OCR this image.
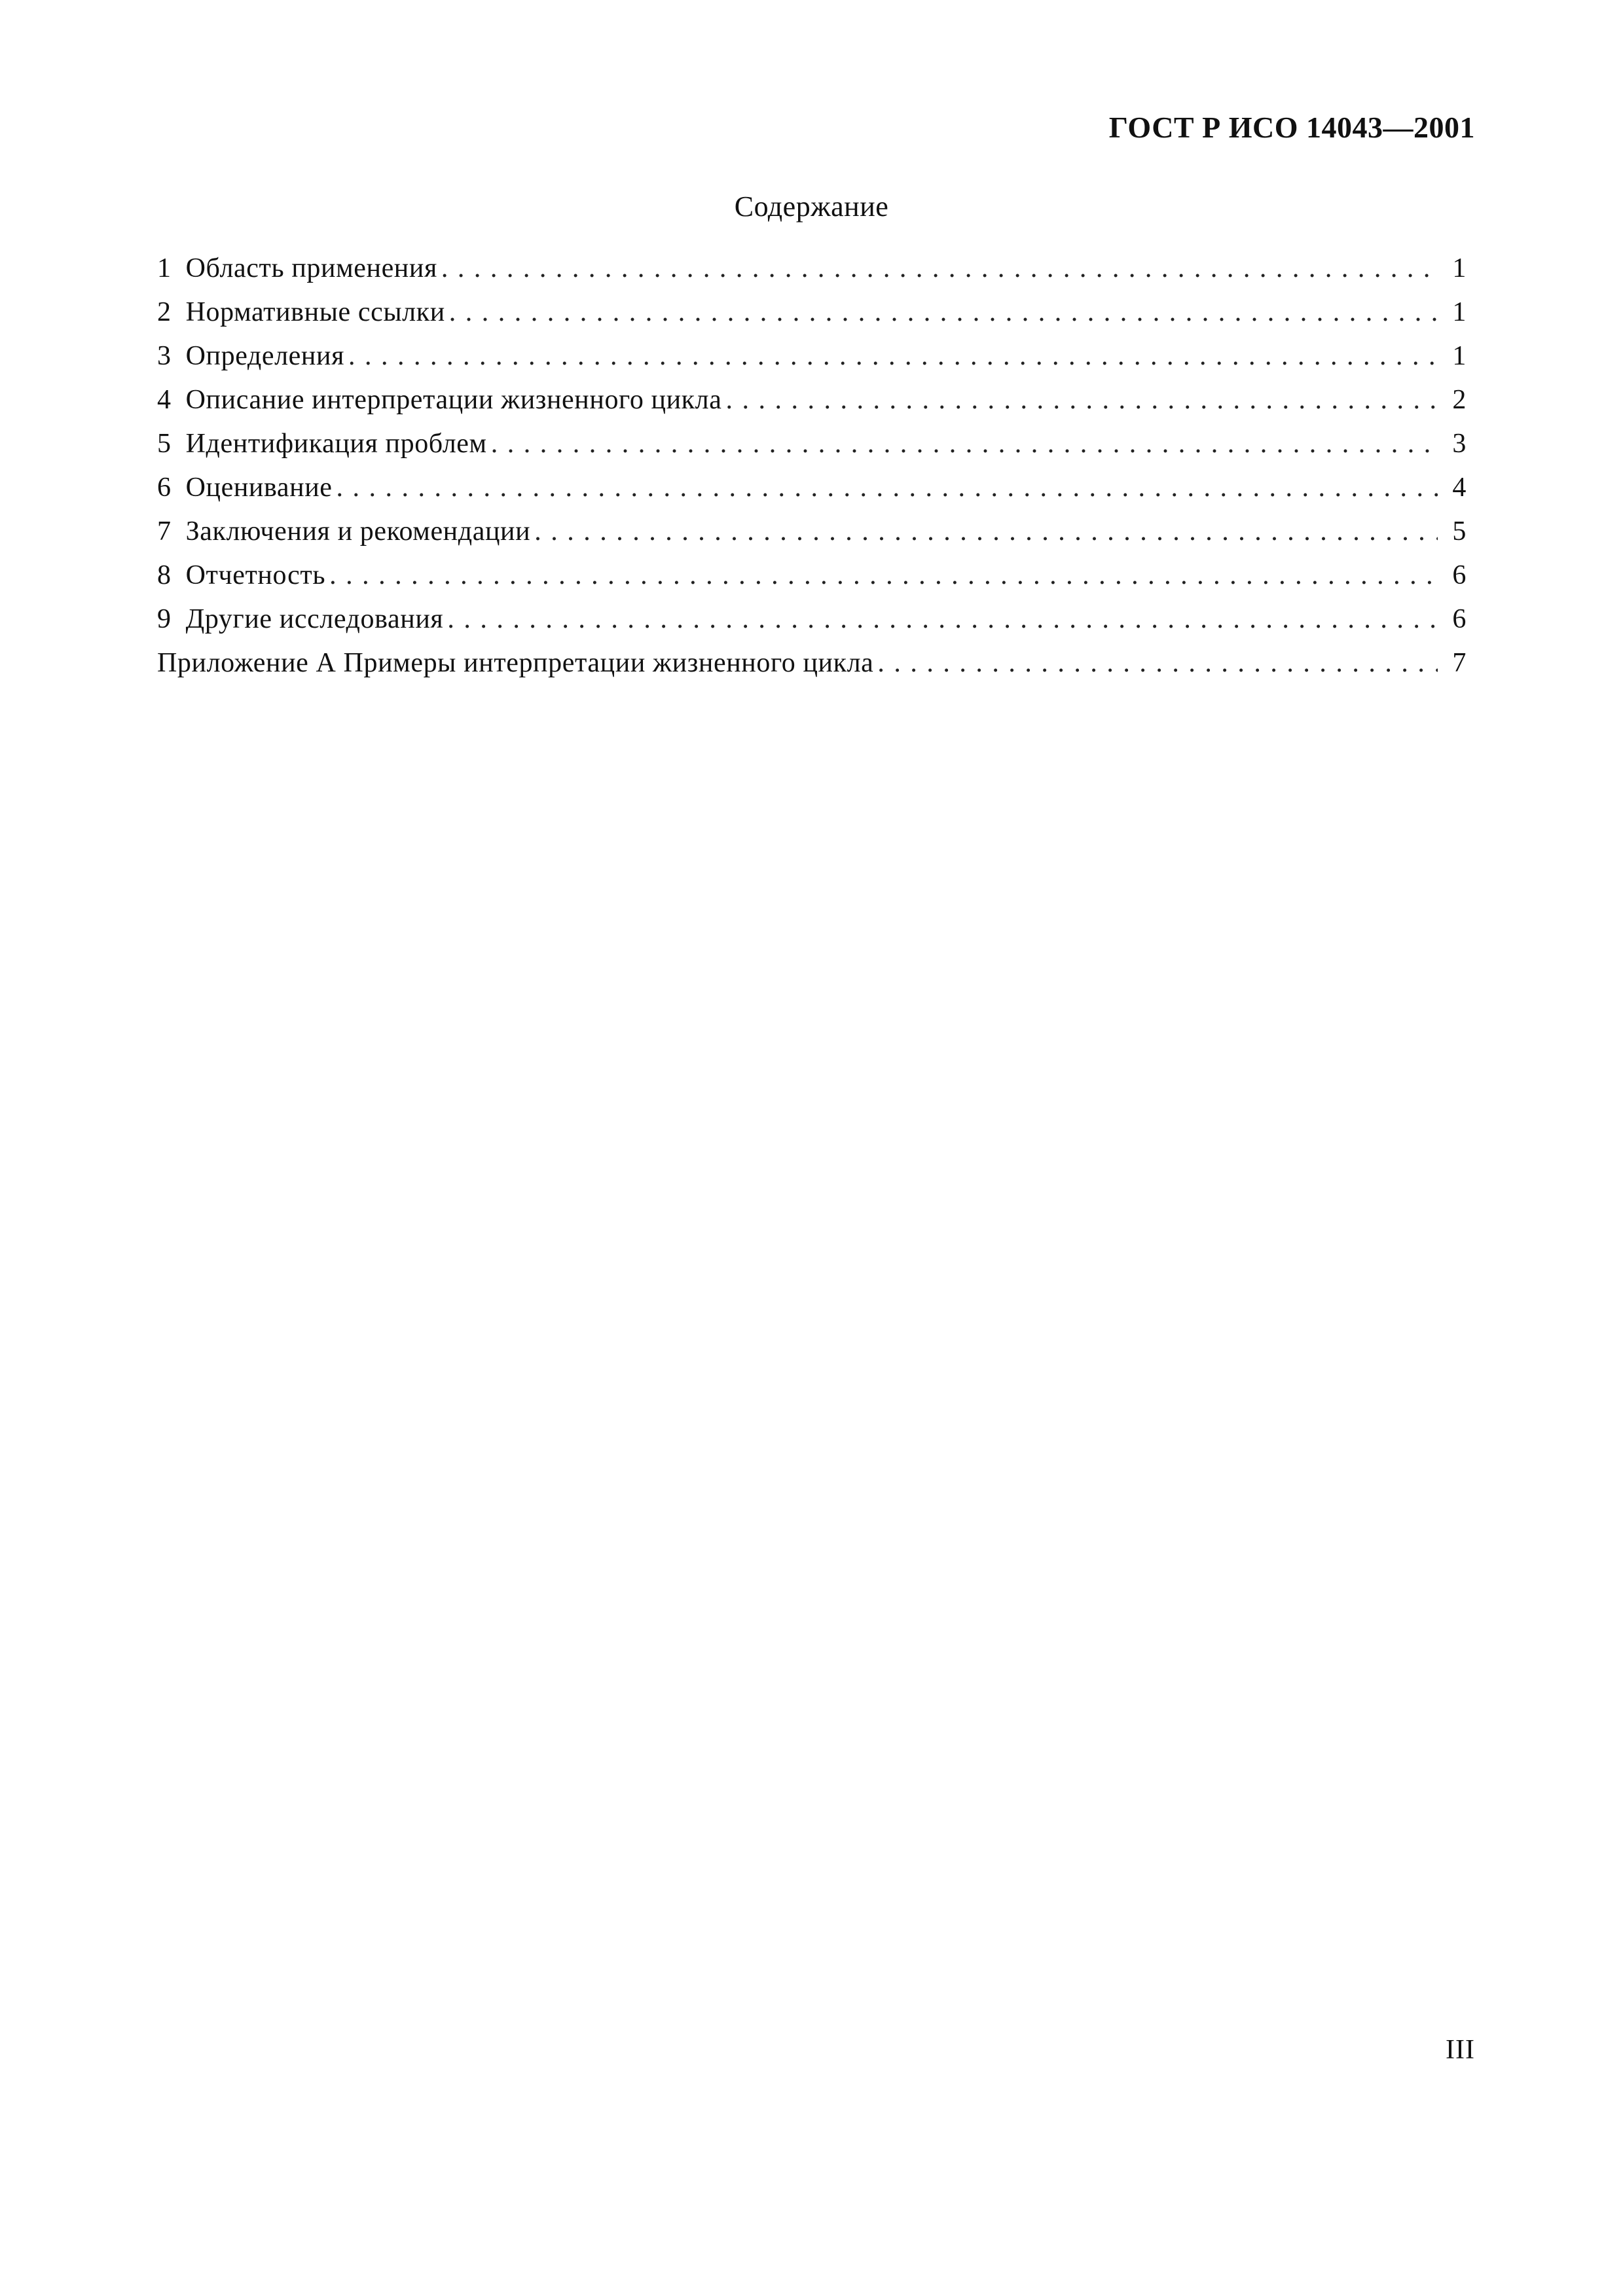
ГОСТ Р ИСО 14043—2001
Содержание
1 Область применения . . .	1
2 Нормативные ссылки . . .	1
3 Определения . . .	1
4 Описание интерпретации жизненного цикла . . .	2
5 Идентификация проблем . . .	3
6 Оценивание . . .	4
7 Заключения и рекомендации . . .	5
8 Отчетность . . .	6
9 Другие исследования . . .	6
Приложение А Примеры интерпретации жизненного цикла . . .	7
III
